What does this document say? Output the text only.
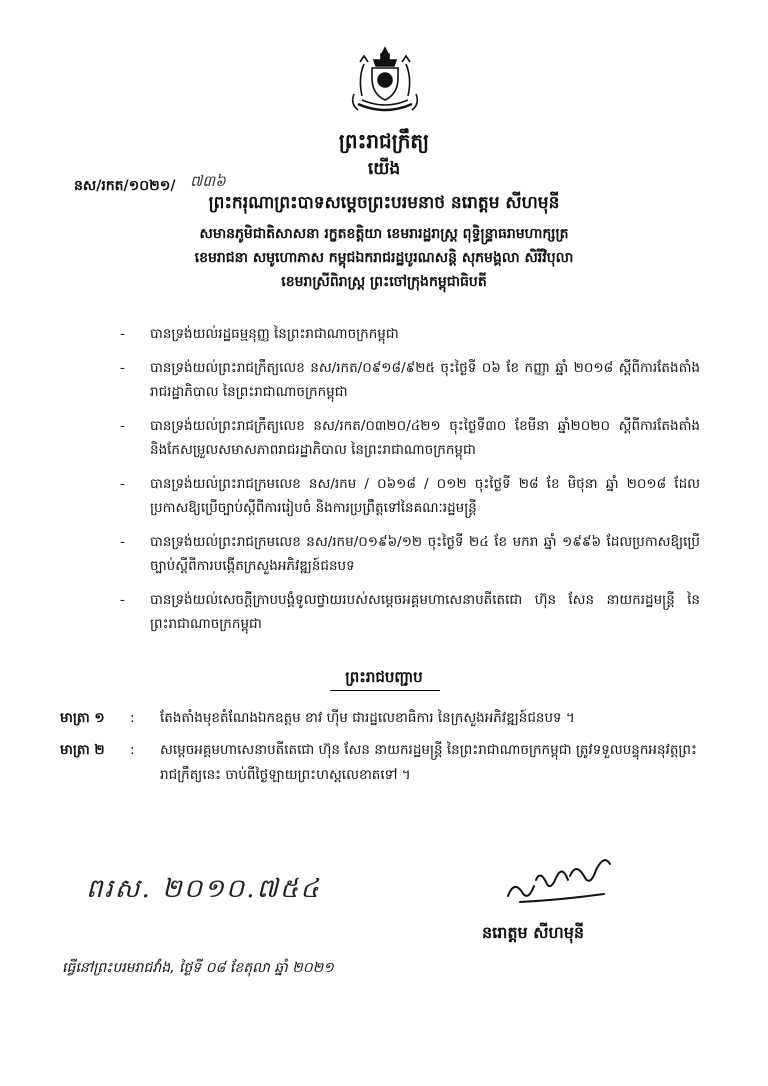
ព្រះរាជក្រឹត្យ
យើង
នស/រកត/១០២១/ ៧៣៦
ព្រះករុណាព្រះបាទសម្តេចព្រះបរមនាថ នរោត្តម សីហមុនី
សមានភូមិជាតិសាសនា រក្ខតខត្តិយា ខេមរារដ្ឋរាស្ត្រ ពុទ្ធិន្ទ្រាធរាមហាក្សត្រ
ខេមរាជនា សមូហោភាស កម្ពុជឯករាជរដ្ឋបូរណសន្តិ សុភមង្គលា សិរីវិបុលា
ខេមរាស្រីពិរាស្ត្រ ព្រះចៅក្រុងកម្ពុជាធិបតី
-	បានទ្រង់យល់រដ្ឋធម្មនុញ្ញ នៃព្រះរាជាណាចក្រកម្ពុជា
-	បានទ្រង់យល់ព្រះរាជក្រឹត្យលេខ នស/រកត/០៩១៨/៩២៥ ចុះថ្ងៃទី ០៦ ខែ កញ្ញា ឆ្នាំ ២០១៨ ស្តីពីការតែងតាំងរាជរដ្ឋាភិបាល នៃព្រះរាជាណាចក្រកម្ពុជា
-	បានទ្រង់យល់ព្រះរាជក្រឹត្យលេខ នស/រកត/០៣២០/៤២១ ចុះថ្ងៃទី៣០ ខែមីនា ឆ្នាំ២០២០ ស្តីពីការតែងតាំង និងកែសម្រួលសមាសភាពរាជរដ្ឋាភិបាល នៃព្រះរាជាណាចក្រកម្ពុជា
-	បានទ្រង់យល់ព្រះរាជក្រមលេខ នស/រកម / ០៦១៨ / ០១២ ចុះថ្ងៃទី ២៨ ខែ មិថុនា ឆ្នាំ ២០១៨ ដែលប្រកាសឱ្យប្រើច្បាប់ស្តីពីការរៀបចំ និងការប្រព្រឹត្តទៅនៃគណៈរដ្ឋមន្ត្រី
-	បានទ្រង់យល់ព្រះរាជក្រមលេខ នស/រកម/០១៩៦/១២ ចុះថ្ងៃទី ២៤ ខែ មករា ឆ្នាំ ១៩៩៦ ដែលប្រកាសឱ្យប្រើច្បាប់ស្តីពីការបង្កើតក្រសួងអភិវឌ្ឍន៍ជនបទ
-	បានទ្រង់យល់សេចក្តីក្រាបបង្គំទូលថ្វាយរបស់សម្តេចអគ្គមហាសេនាបតីតេជោ ហ៊ុន សែន នាយករដ្ឋមន្ត្រី នៃព្រះរាជាណាចក្រកម្ពុជា
ព្រះរាជបញ្ជាប
មាត្រា ១	:	តែងតាំងមុខតំណែងឯកឧត្តម ខាវ ហ៊ីម ជារដ្ឋលេខាធិការ នៃក្រសួងអភិវឌ្ឍន៍ជនបទ ។
មាត្រា ២	:	សម្តេចអគ្គមហាសេនាបតីតេជោ ហ៊ុន សែន នាយករដ្ឋមន្ត្រី នៃព្រះរាជាណាចក្រកម្ពុជា ត្រូវទទួលបន្ទុកអនុវត្តព្រះរាជក្រឹត្យនេះ ចាប់ពីថ្ងៃឡាយព្រះហស្តលេខាតទៅ ។
ពរស. ២០១០.៧៥៤
នរោត្តម សីហមុនី
ធ្វើនៅព្រះបរមរាជវាំង, ថ្ងៃទី ០៨ ខែតុលា ឆ្នាំ ២០២១
